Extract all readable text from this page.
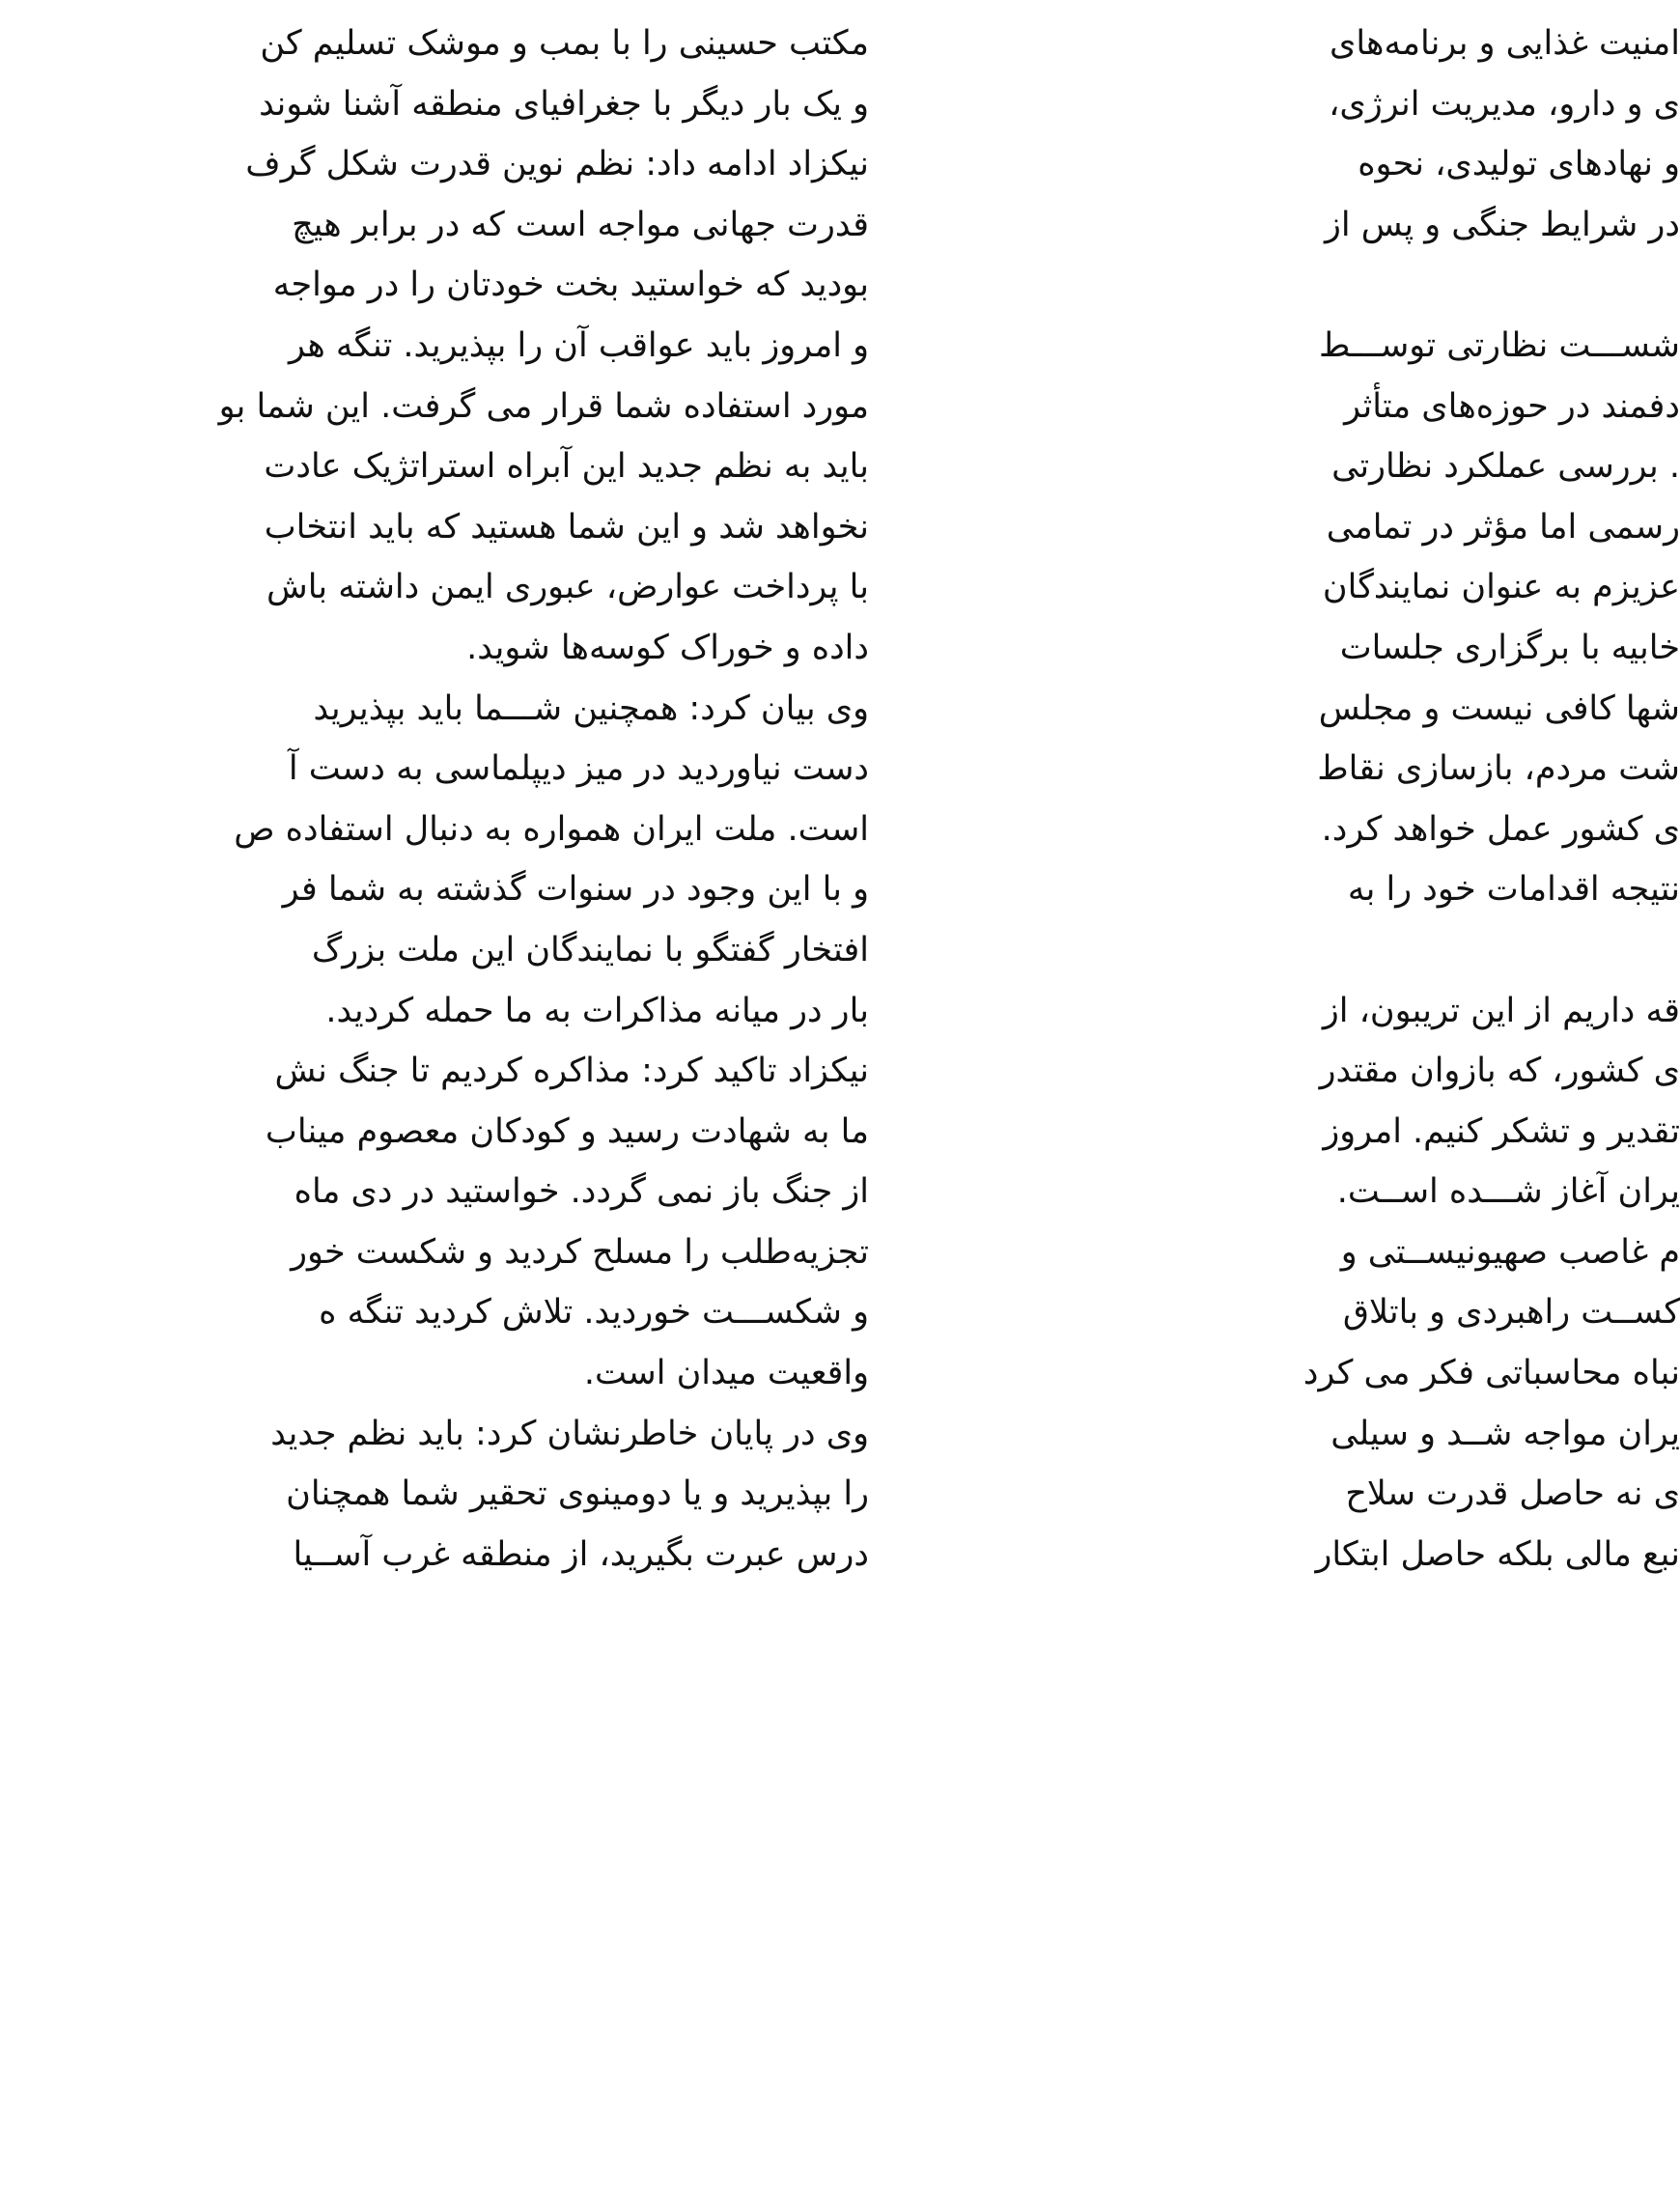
مکتب حسینی را با بمب و موشک تسلیم کن
و یک بار دیگر با جغرافیای منطقه آشنا شوند
نیکزاد ادامه داد: نظم نوین قدرت شکل گرف
قدرت جهانی مواجه است که در برابر هیچ
بودید که خواستید بخت خودتان را در مواجه
و امروز باید عواقب آن را بپذیرید. تنگه هر
مورد استفاده شما قرار می گرفت. این شما بو
باید به نظم جدید این آبراه استراتژیک عادت
نخواهد شد و این شما هستید که باید انتخاب
با پرداخت عوارض، عبوری ایمن داشته باش
داده و خوراک کوسه‌ها شوید.
وی بیان کرد: همچنین شـــما باید بپذیرید
دست نیاوردید در میز دیپلماسی به دست آ
است. ملت ایران همواره به دنبال استفاده ص
و با این وجود در سنوات گذشته به شما فر
افتخار گفتگو با نمایندگان این ملت بزرگ
بار در میانه مذاکرات به ما حمله کردید.
نیکزاد تاکید کرد: مذاکره کردیم تا جنگ نش
ما به شهادت رسید و کودکان معصوم میناب
از جنگ باز نمی گردد. خواستید در دی ماه
تجزیه‌طلب را مسلح کردید و شکست خور
و شکســـت خوردید. تلاش کردید تنگه ه
واقعیت میدان است.
وی در پایان خاطرنشان کرد: باید نظم جدید
را بپذیرید و یا دومینوی تحقیر شما همچنان
درس عبرت بگیرید، از منطقه غرب آســیا
امنیت غذایی و برنامه‌های
ی و دارو، مدیریت انرژی،
و نهادهای تولیدی، نحوه
در شرایط جنگی و پس از
شســـت نظارتی توســـط
دفمند در حوزه‌های متأثر
. بررسی عملکرد نظارتی
رسمی اما مؤثر در تمامی
عزیزم به عنوان نمایندگان
خابیه با برگزاری جلسات
شها کافی نیست و مجلس
شت مردم، بازسازی نقاط
ی کشور عمل خواهد کرد.
نتیجه اقدامات خود را به
قه داریم از این تریبون، از
ی کشور، که بازوان مقتدر
تقدیر و تشکر کنیم. امروز
یران آغاز شـــده اســت.
م غاصب صهیونیســتی و
کســت راهبردی و باتلاق
نباه محاسباتی فکر می کرد
یران مواجه شــد و سیلی
ی نه حاصل قدرت سلاح
نبع مالی بلکه حاصل ابتکار
